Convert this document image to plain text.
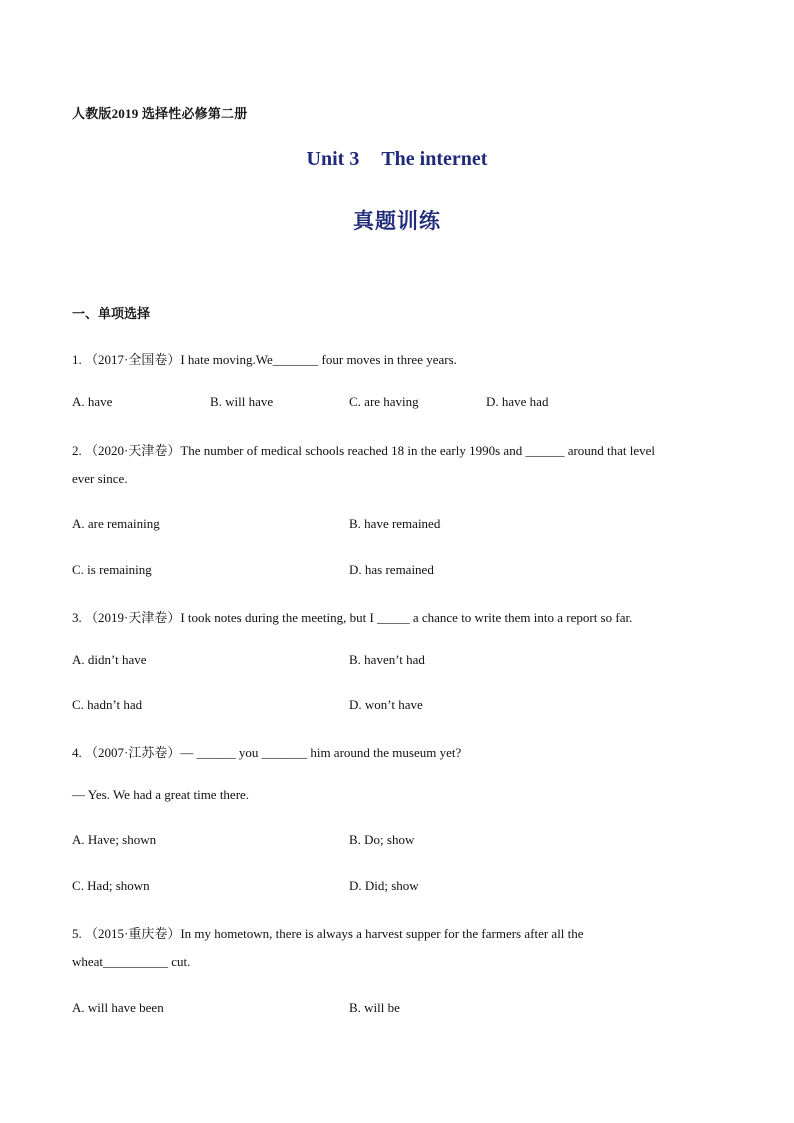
人教版2019 选择性必修第二册
Unit 3 The internet
真题训练
一、单项选择
1. （2017·全国卷）I hate moving.We_______ four moves in three years.
A. have	B. will have	C. are having	D. have had
2. （2020·天津卷）The number of medical schools reached 18 in the early 1990s and ______ around that level
ever since.
A. are remaining	B. have remained
C. is remaining	D. has remained
3. （2019·天津卷）I took notes during the meeting, but I _____ a chance to write them into a report so far.
A. didn’t have	B. haven’t had
C. hadn’t had	D. won’t have
4. （2007·江苏卷）— ______ you _______ him around the museum yet?
— Yes. We had a great time there.
A. Have; shown	B. Do; show
C. Had; shown	D. Did; show
5. （2015·重庆卷）In my hometown, there is always a harvest supper for the farmers after all the
wheat__________ cut.
A. will have been	B. will be
